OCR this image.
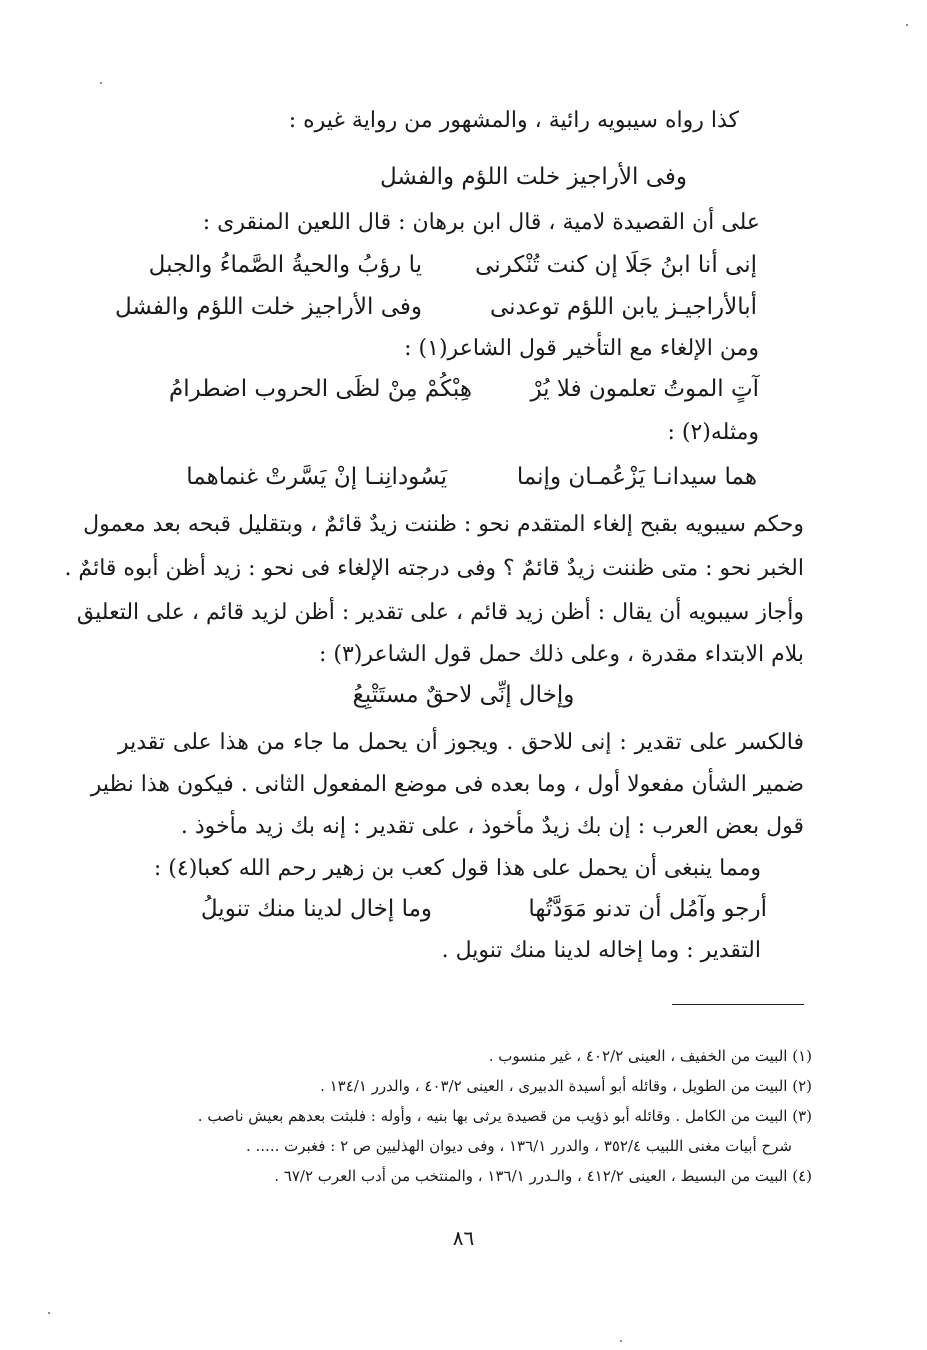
كذا رواه سيبويه رائية ، والمشهور من رواية غيره :
وفى الأراجيز خلت اللؤم والفشل
على أن القصيدة لامية ، قال ابن برهان : قال اللعين المنقرى :
إنى أنا ابنُ جَلَا إن كنت تُنْكرنى
يا رؤبُ والحيةُ الصَّماءُ والجبل
أبالأراجيـز يابن اللؤم توعدنى
وفى الأراجيز خلت اللؤم والفشل
ومن الإلغاء مع التأخير قول الشاعر(١) :
آتٍ الموتُ تعلمون فلا يُرْ
هِبْكُمْ مِنْ لظَى الحروب اضطرامُ
ومثله(٢) :
هما سيدانـا يَزْعُمـان وإنما
يَسُودانِنـا إنْ يَسَّرتْ غنماهما
وحكم سيبويه بقبح إلغاء المتقدم نحو : ظننت زيدٌ قائمٌ ، وبتقليل قبحه بعد معمول
الخبر نحو : متى ظننت زيدٌ قائمٌ ؟ وفى درجته الإلغاء فى نحو : زيد أظن أبوه قائمٌ .
وأجاز سيبويه أن يقال : أظن زيد قائم ، على تقدير : أظن لزيد قائم ، على التعليق
بلام الابتداء مقدرة ، وعلى ذلك حمل قول الشاعر(٣) :
وإخال إنِّى لاحقٌ مستَتْبِعُ
فالكسر على تقدير : إنى للاحق . ويجوز أن يحمل ما جاء من هذا على تقدير
ضمير الشأن مفعولا أول ، وما بعده فى موضع المفعول الثانى . فيكون هذا نظير
قول بعض العرب : إن بك زيدٌ مأخوذ ، على تقدير : إنه بك زيد مأخوذ .
ومما ينبغى أن يحمل على هذا قول كعب بن زهير رحم الله كعبا(٤) :
أرجو وآمُل أن تدنو مَوَدَّتُها
وما إخال لدينا منك تنويلُ
التقدير : وما إخاله لدينا منك تنويل .
(١) البيت من الخفيف ، العينى ٤٠٢/٢ ، غير منسوب .
(٢) البيت من الطويل ، وقائله أبو أسيدة الدبيرى ، العينى ٤٠٣/٢ ، والدرر ١٣٤/١ .
(٣) البيت من الكامل . وقائله أبو ذؤيب من قصيدة يرثى بها بنيه ، وأوله : فلبثت بعدهم بعيش ناصب .
شرح أبيات مغنى اللبيب ٣٥٢/٤ ، والدرر ١٣٦/١ ، وفى ديوان الهذليين ص ٢ : فغبرت ..... .
(٤) البيت من البسيط ، العينى ٤١٢/٢ ، والـدرر ١٣٦/١ ، والمنتخب من أدب العرب ٦٧/٢ .
٨٦
